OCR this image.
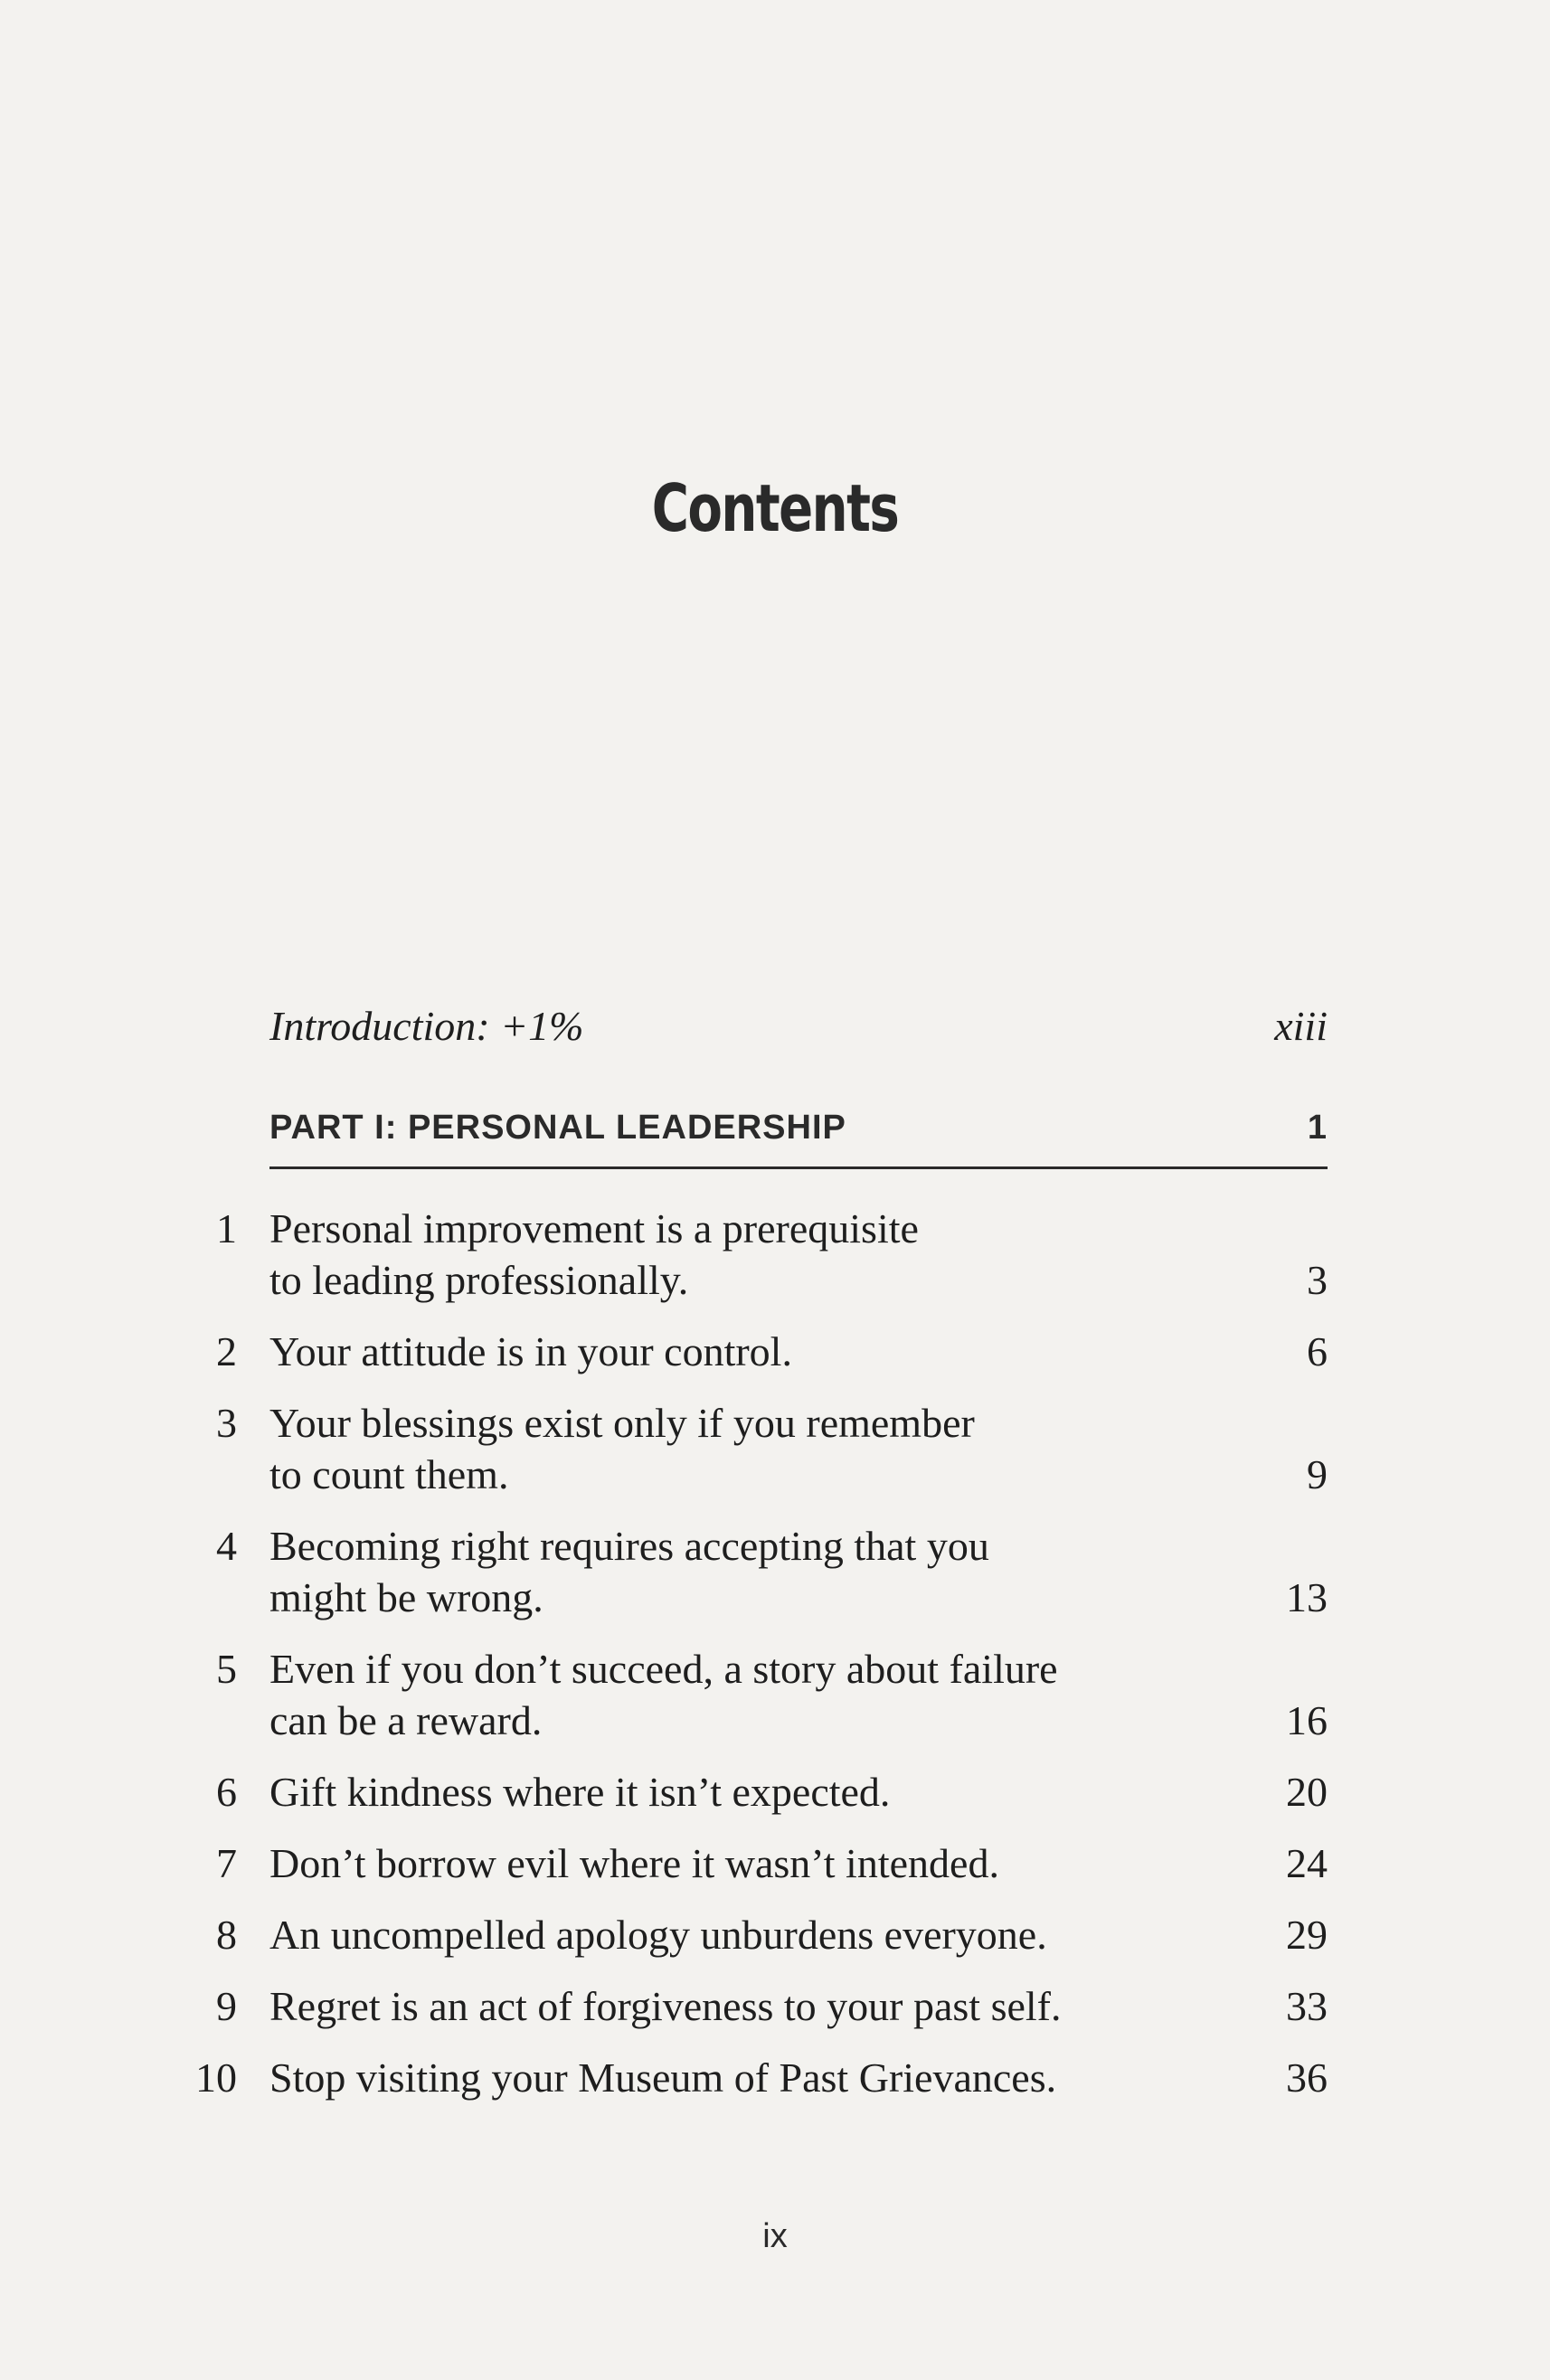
Contents
Introduction: +1%	xiii
PART I: PERSONAL LEADERSHIP	1
1 Personal improvement is a prerequisite
to leading professionally.	3
2 Your attitude is in your control.	6
3 Your blessings exist only if you remember
to count them.	9
4 Becoming right requires accepting that you
might be wrong.	13
5 Even if you don’t succeed, a story about failure
can be a reward.	16
6 Gift kindness where it isn’t expected.	20
7 Don’t borrow evil where it wasn’t intended.	24
8 An uncompelled apology unburdens everyone.	29
9 Regret is an act of forgiveness to your past self.	33
10 Stop visiting your Museum of Past Grievances.	36
ix
